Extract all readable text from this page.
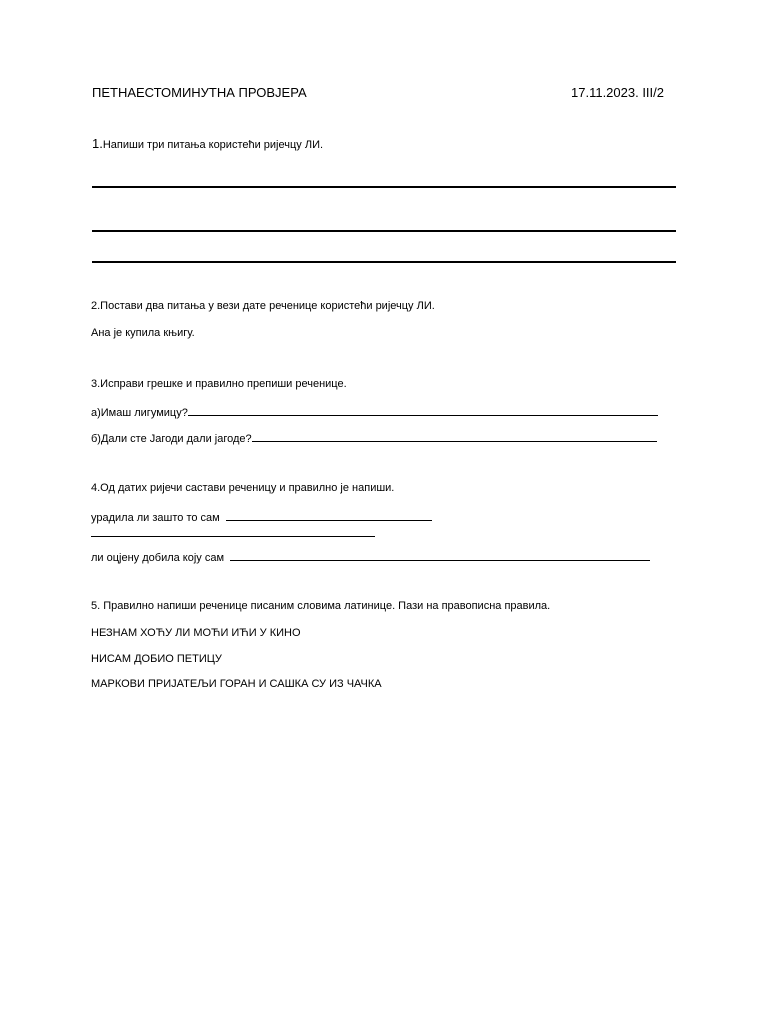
ПЕТНАЕСТОМИНУТНА ПРОВЈЕРА	17.11.2023. III/2
1.Напиши три питања користећи ријечцу ЛИ.
2.Постави два питања у вези дате реченице користећи ријечцу ЛИ.
Ана је купила књигу.
3.Исправи грешке и правилно препиши реченице.
а)Имаш лигумицу?
б)Дали сте Јагоди дали јагоде?
4.Од датих ријечи састави реченицу и правилно је напиши.
урадила ли зашто то сам
ли оцјену добила коју сам
5. Правилно напиши реченице писаним словима латинице. Пази на правописна правила.
НЕЗНАМ ХОЋУ ЛИ МОЋИ ИЋИ У КИНО
НИСАМ ДОБИО ПЕТИЦУ
МАРКОВИ ПРИЈАТЕЉИ ГОРАН И САШКА СУ ИЗ ЧАЧКА
